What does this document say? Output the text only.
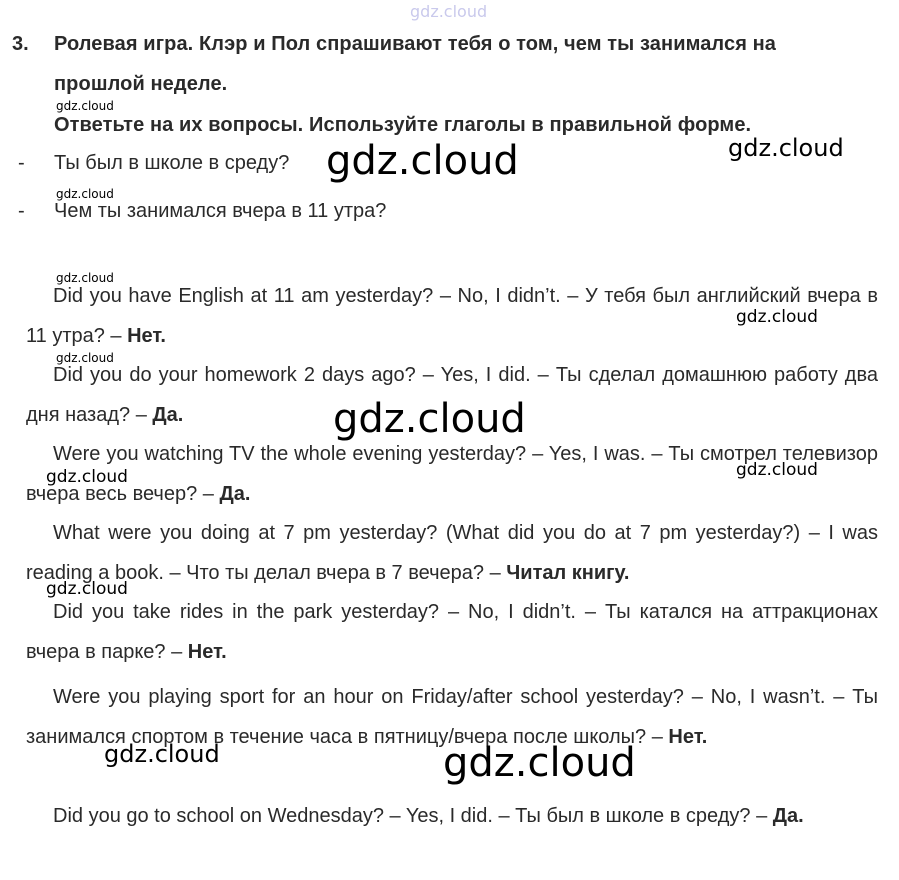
gdz.cloud
3. Ролевая игра. Клэр и Пол спрашивают тебя о том, чем ты занимался на
прошлой неделе.
Ответьте на их вопросы. Используйте глаголы в правильной форме.
- Ты был в школе в среду?
- Чем ты занимался вчера в 11 утра?
Did you have English at 11 am yesterday? – No, I didn’t. – У тебя был английский вчера в 11 утра? – Нет.
Did you do your homework 2 days ago? – Yes, I did. – Ты сделал домашнюю работу два дня назад? – Да.
Were you watching TV the whole evening yesterday? – Yes, I was. – Ты смотрел телевизор вчера весь вечер? – Да.
What were you doing at 7 pm yesterday? (What did you do at 7 pm yesterday?) – I was reading a book. – Что ты делал вчера в 7 вечера? – Читал книгу.
Did you take rides in the park yesterday? – No, I didn’t. – Ты катался на аттракционах вчера в парке? – Нет.
Were you playing sport for an hour on Friday/after school yesterday? – No, I wasn’t. – Ты занимался спортом в течение часа в пятницу/вчера после школы? – Нет.
Did you go to school on Wednesday? – Yes, I did. – Ты был в школе в среду? – Да.
gdz.cloud
gdz.cloud	gdz.cloud
gdz.cloud
gdz.cloud
gdz.cloud
gdz.cloud
gdz.cloud
gdz.cloud
gdz.cloud
gdz.cloud
gdz.cloud	gdz.cloud
